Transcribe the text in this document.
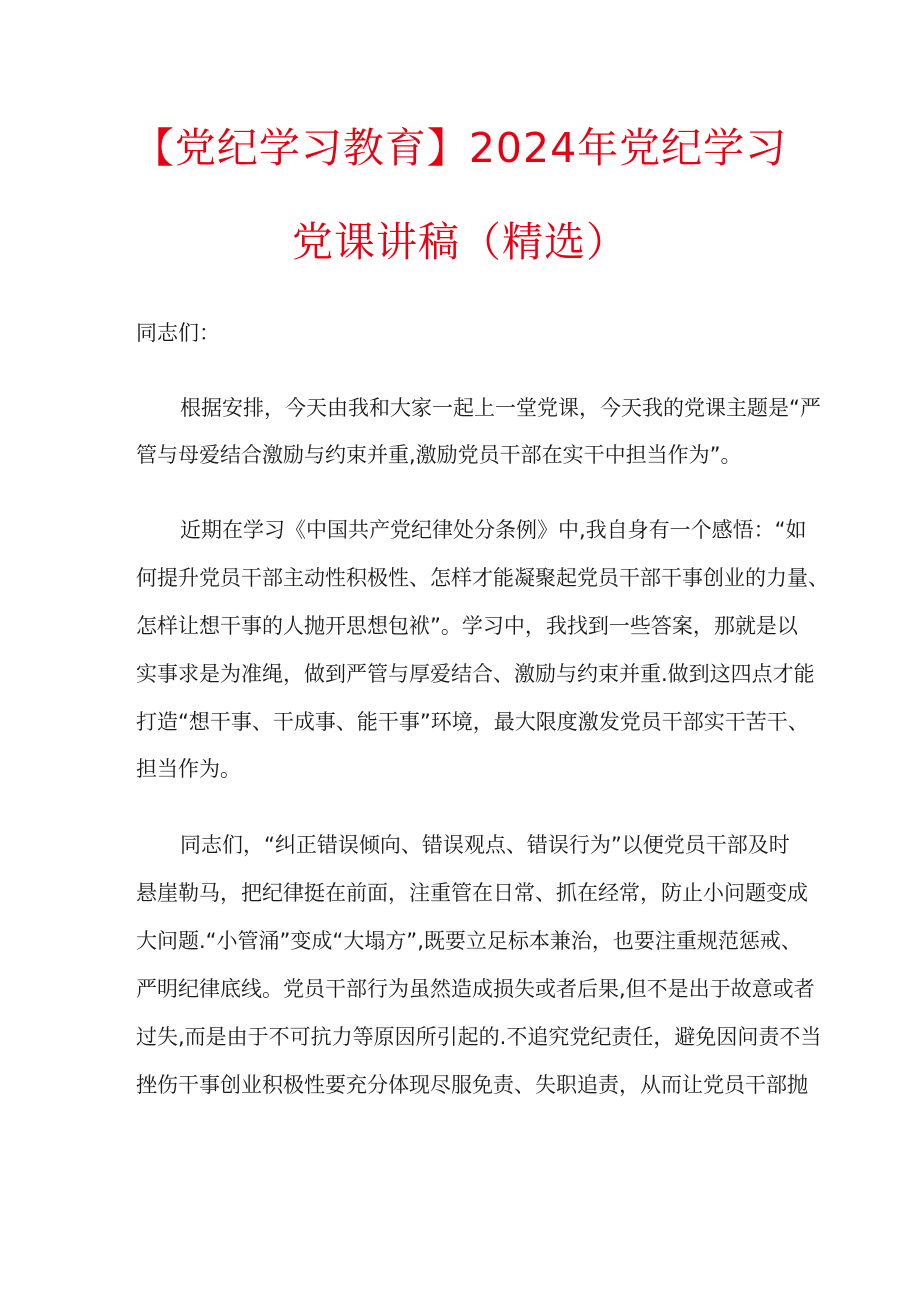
【党纪学习教育】2024年党纪学习
党课讲稿（精选）
同志们：
根据安排，今天由我和大家一起上一堂党课，今天我的党课主题是“严
管与母爱结合激励与约束并重,激励党员干部在实干中担当作为”。
近期在学习《中国共产党纪律处分条例》中,我自身有一个感悟：“如
何提升党员干部主动性积极性、怎样才能凝聚起党员干部干事创业的力量、
怎样让想干事的人抛开思想包袱”。学习中，我找到一些答案，那就是以
实事求是为准绳，做到严管与厚爱结合、激励与约束并重.做到这四点才能
打造“想干事、干成事、能干事”环境，最大限度激发党员干部实干苦干、
担当作为。
同志们，“纠正错误倾向、错误观点、错误行为”以便党员干部及时
悬崖勒马，把纪律挺在前面，注重管在日常、抓在经常，防止小问题变成
大问题.“小管涌”变成“大塌方”,既要立足标本兼治，也要注重规范惩戒、
严明纪律底线。党员干部行为虽然造成损失或者后果,但不是出于故意或者
过失,而是由于不可抗力等原因所引起的.不追究党纪责任，避免因问责不当
挫伤干事创业积极性要充分体现尽服免责、失职追责，从而让党员干部抛
